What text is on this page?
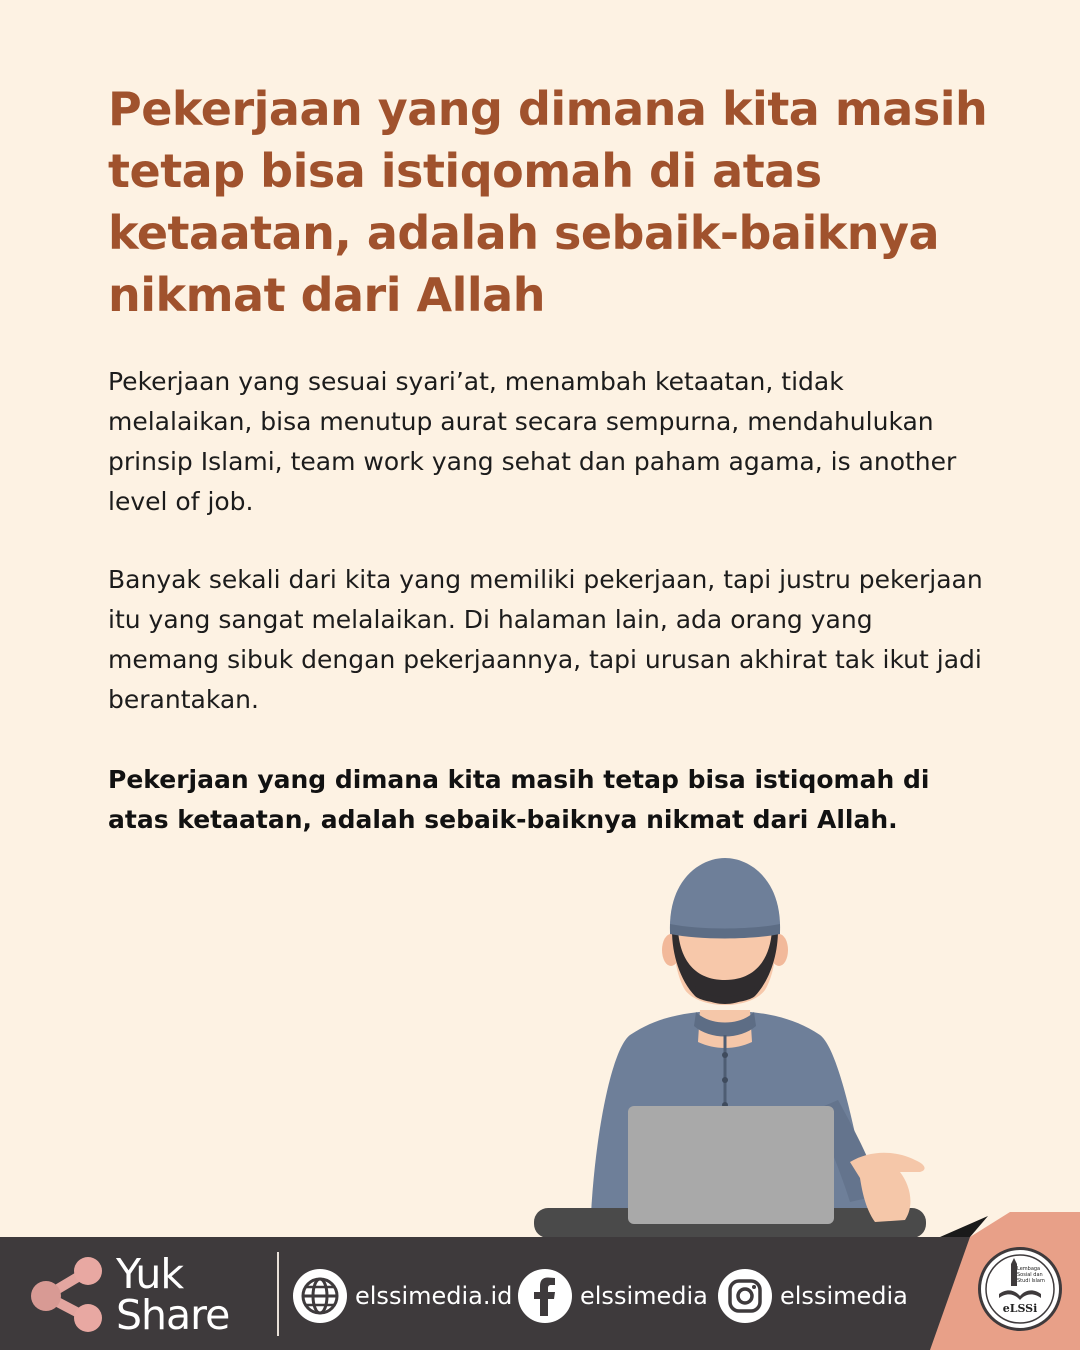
Pekerjaan yang dimana kita masih tetap bisa istiqomah di atas ketaatan, adalah sebaik-baiknya nikmat dari Allah

Pekerjaan yang sesuai syari’at, menambah ketaatan, tidak melalaikan, bisa menutup aurat secara sempurna, mendahulukan prinsip Islami, team work yang sehat dan paham agama, is another level of job.

Banyak sekali dari kita yang memiliki pekerjaan, tapi justru pekerjaan itu yang sangat melalaikan. Di halaman lain, ada orang yang memang sibuk dengan pekerjaannya, tapi urusan akhirat tak ikut jadi berantakan.

Pekerjaan yang dimana kita masih tetap bisa istiqomah di atas ketaatan, adalah sebaik-baiknya nikmat dari Allah.

Yuk
Share	elssimedia.id	elssimedia	elssimedia
Lembaga Sosial dan Studi Islam
eLSSi
